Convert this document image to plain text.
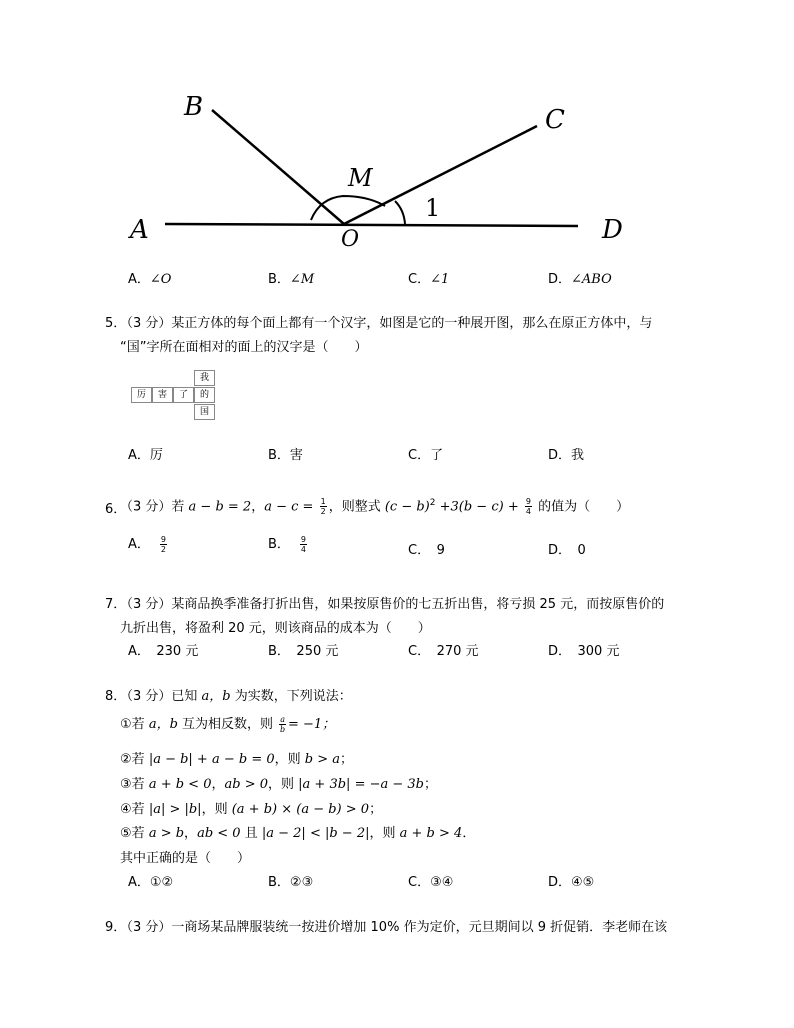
B	C
M
A	O	D
1
A．∠O	B．∠M	C．∠1	D．∠ABO
5．
（3 分）某正方体的每个面上都有一个汉字，如图是它的一种展开图，那么在原正方体中，与
“国”字所在面相对的面上的汉字是（　　）
我
厉	害	了	的
国
A．厉	B．害	C．了	D．我
6．
（3 分）若 a − b = 2，$a - c = \frac{1}{2}$ ，则整式 $(c - b)^2 +3(b - c) + \frac{9}{4}$ 的值为（　　）
A． $\frac{9}{2}$	B． $\frac{9}{4}$	C．　9	D．　0
7．
（3 分）某商品换季准备打折出售，如果按原售价的七五折出售，将亏损 25 元，而按原售价的
九折出售，将盈利 20 元，则该商品的成本为（　　）
A．　230 元	B．　250 元	C．　270 元	D．　300 元
8．
（3 分）已知 a，b 为实数，下列说法：
①若 a，b 互为相反数，则 $\frac{a}{b} = -1$；
②若 |a − b| + a − b = 0，则 b > a；
③若 a + b < 0，ab > 0，则 |a + 3b| = −a − 3b；
④若 |a| > |b|，则 (a + b) × (a − b) > 0；
⑤若 a > b，ab < 0 且 |a − 2| < |b − 2|，则 a + b > 4．
其中正确的是（　　）
A．①②	B．②③	C．③④	D．④⑤
9．
（3 分）一商场某品牌服装统一按进价增加 10% 作为定价，元旦期间以 9 折促销．李老师在该
